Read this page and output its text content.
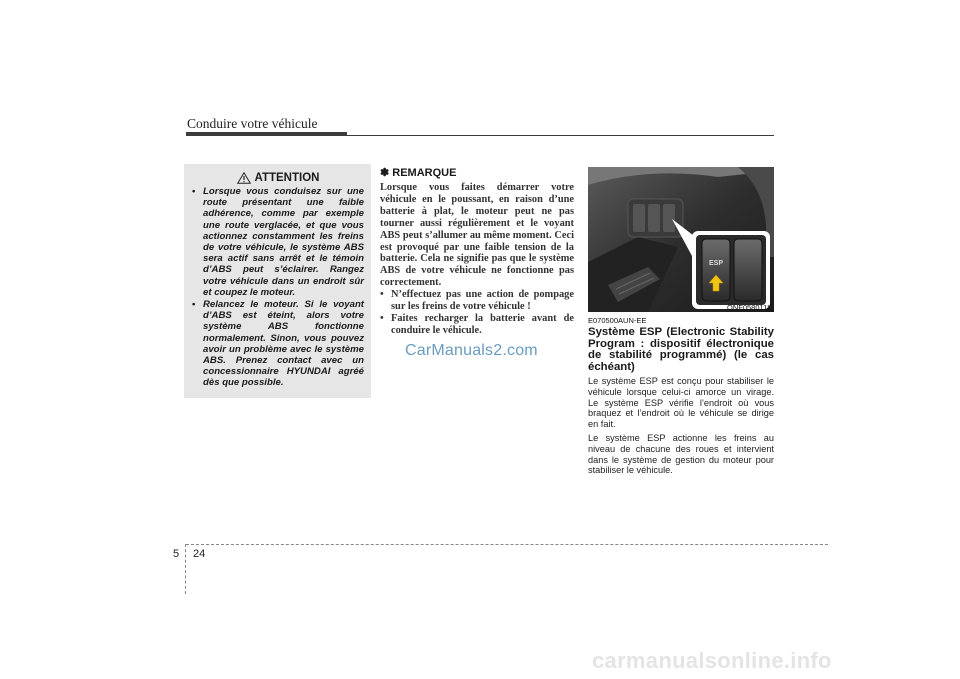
Conduire votre véhicule
ATTENTION
• Lorsque vous conduisez sur une route présentant une faible adhérence, comme par exemple une route verglacée, et que vous actionnez constamment les freins de votre véhicule, le système ABS sera actif sans arrêt et le témoin d’ABS peut s’éclairer. Rangez votre véhicule dans un endroit sûr et coupez le moteur.
• Relancez le moteur. Si le voyant d’ABS est éteint, alors votre système ABS fonctionne normalement. Sinon, vous pouvez avoir un problème avec le système ABS. Prenez contact avec un concessionnaire HYUNDAI agréé dès que possible.
✽ REMARQUE

Lorsque vous faites démarrer votre véhicule en le poussant, en raison d’une batterie à plat, le moteur peut ne pas tourner aussi régulièrement et le voyant ABS peut s’allumer au même moment. Ceci est provoqué par une faible tension de la batterie. Cela ne signifie pas que le système ABS de votre véhicule ne fonctionne pas correctement.

• N’effectuez pas une action de pompage sur les freins de votre véhicule !
• Faites recharger la batterie avant de conduire le véhicule.
CarManuals2.com
ESP
ONF058011L
E070500AUN-EE
Système ESP (Electronic Stability Program : dispositif électronique de stabilité programmé) (le cas échéant)

Le système ESP est conçu pour stabiliser le véhicule lorsque celui-ci amorce un virage. Le système ESP vérifie l’endroit où vous braquez et l’endroit où le véhicule se dirige en fait.

Le système ESP actionne les freins au niveau de chacune des roues et intervient dans le système de gestion du moteur pour stabiliser le véhicule.

5 24
carmanualsonline.info
